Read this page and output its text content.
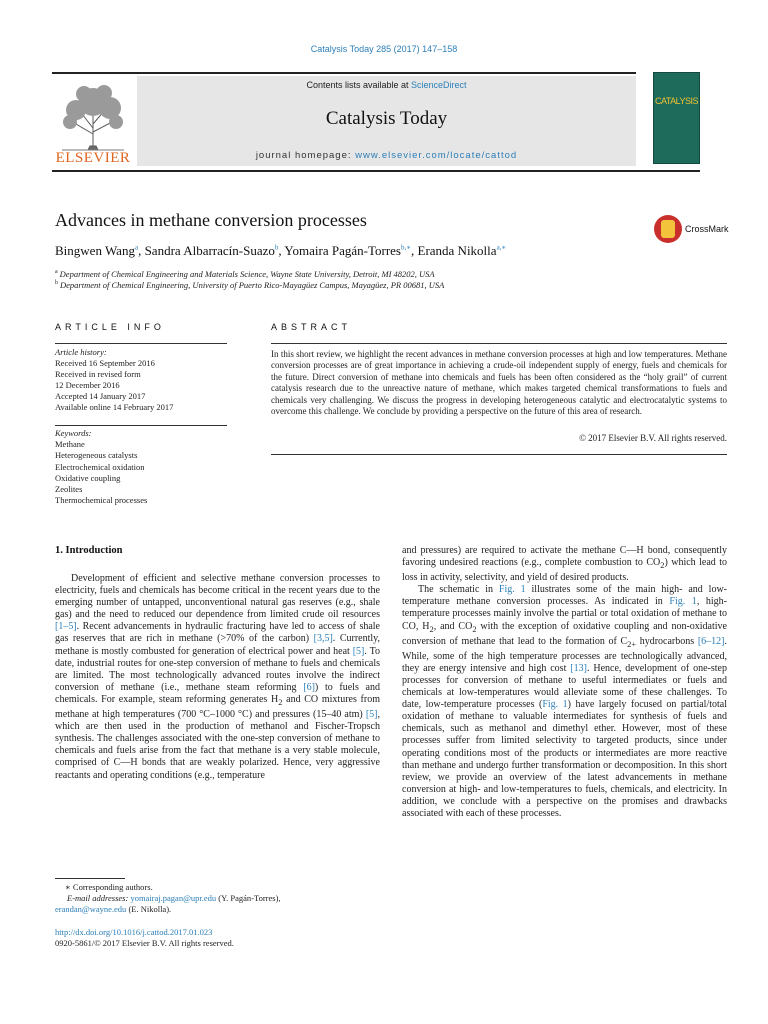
Catalysis Today 285 (2017) 147–158
ELSEVIER
Contents lists available at ScienceDirect
Catalysis Today
journal homepage: www.elsevier.com/locate/cattod
CATALYSIS
Advances in methane conversion processes	CrossMark
Bingwen Wang$^a$, Sandra Albarracín-Suazo$^b$, Yomaira Pagán-Torres$^{b,∗}$, Eranda Nikolla$^{a,∗}$
$^a$ Department of Chemical Engineering and Materials Science, Wayne State University, Detroit, MI 48202, USA
$^b$ Department of Chemical Engineering, University of Puerto Rico-Mayagüez Campus, Mayagüez, PR 00681, USA
ARTICLE INFO
Article history:
Received 16 September 2016
Received in revised form
12 December 2016
Accepted 14 January 2017
Available online 14 February 2017
Keywords:
Methane
Heterogeneous catalysts
Electrochemical oxidation
Oxidative coupling
Zeolites
Thermochemical processes
ABSTRACT
In this short review, we highlight the recent advances in methane conversion processes at high and low temperatures. Methane conversion processes are of great importance in achieving a crude-oil independent supply of energy, fuels and chemicals for the future. Direct conversion of methane into chemicals and fuels has been often considered as the “holy grail” of current catalysis research due to the unreactive nature of methane, which makes targeted chemical transformations to fuels and chemicals very challenging. We discuss the progress in developing heterogeneous catalytic and electrocatalytic systems to overcome this challenge. We conclude by providing a perspective on the future of this area of research.
© 2017 Elsevier B.V. All rights reserved.
1. Introduction

Development of efficient and selective methane conversion processes to electricity, fuels and chemicals has become critical in the recent years due to the emerging number of untapped, unconventional natural gas reserves (e.g., shale gas) and the need to reduced our dependence from limited crude oil resources [1–5]. Recent advancements in hydraulic fracturing have led to access of shale gas reserves that are rich in methane (>70% of the carbon) [3,5]. Currently, methane is mostly combusted for generation of electrical power and heat [5]. To date, industrial routes for one-step conversion of methane to fuels and chemicals are limited. The most technologically advanced routes involve the indirect conversion of methane (i.e., methane steam reforming [6]) to fuels and chemicals. For example, steam reforming generates $H_2$ and CO mixtures from methane at high temperatures (700 °C–1000 °C) and pressures (15–40 atm) [5], which are then used in the production of methanol and Fischer-Tropsch synthesis. The challenges associated with the one-step conversion of methane to chemicals and fuels arise from the fact that methane is a very stable molecule, comprised of C—H bonds that are weakly polarized. Hence, very aggressive reactants and operating conditions (e.g., temperature

and pressures) are required to activate the methane C—H bond, consequently favoring undesired reactions (e.g., complete combustion to $CO_2$) which lead to loss in activity, selectivity, and yield of desired products.

The schematic in Fig. 1 illustrates some of the main high- and low-temperature methane conversion processes. As indicated in Fig. 1, high-temperature processes mainly involve the partial or total oxidation of methane to CO, $H_2$, and $CO_2$ with the exception of oxidative coupling and non-oxidative conversion of methane that lead to the formation of $C_{2+}$ hydrocarbons [6–12]. While, some of the high temperature processes are technologically advanced, they are energy intensive and high cost [13]. Hence, development of one-step processes for conversion of methane to useful intermediates or fuels and chemicals at low-temperatures would alleviate some of these challenges. To date, low-temperature processes (Fig. 1) have largely focused on partial/total oxidation of methane to valuable intermediates for synthesis of fuels and chemicals, such as methanol and dimethyl ether. However, most of these processes suffer from limited selectivity to targeted products, since under operating conditions most of the products or intermediates are more reactive than methane and undergo further transformation or decomposition. In this short review, we provide an overview of the latest advancements in methane conversion at high- and low-temperatures to fuels, chemicals, and electricity. In addition, we conclude with a perspective on the promises and drawbacks associated with each of these processes.

∗ Corresponding authors.
E-mail addresses: yomairaj.pagan@upr.edu (Y. Pagán-Torres),
erandan@wayne.edu (E. Nikolla).
http://dx.doi.org/10.1016/j.cattod.2017.01.023
0920-5861/© 2017 Elsevier B.V. All rights reserved.
